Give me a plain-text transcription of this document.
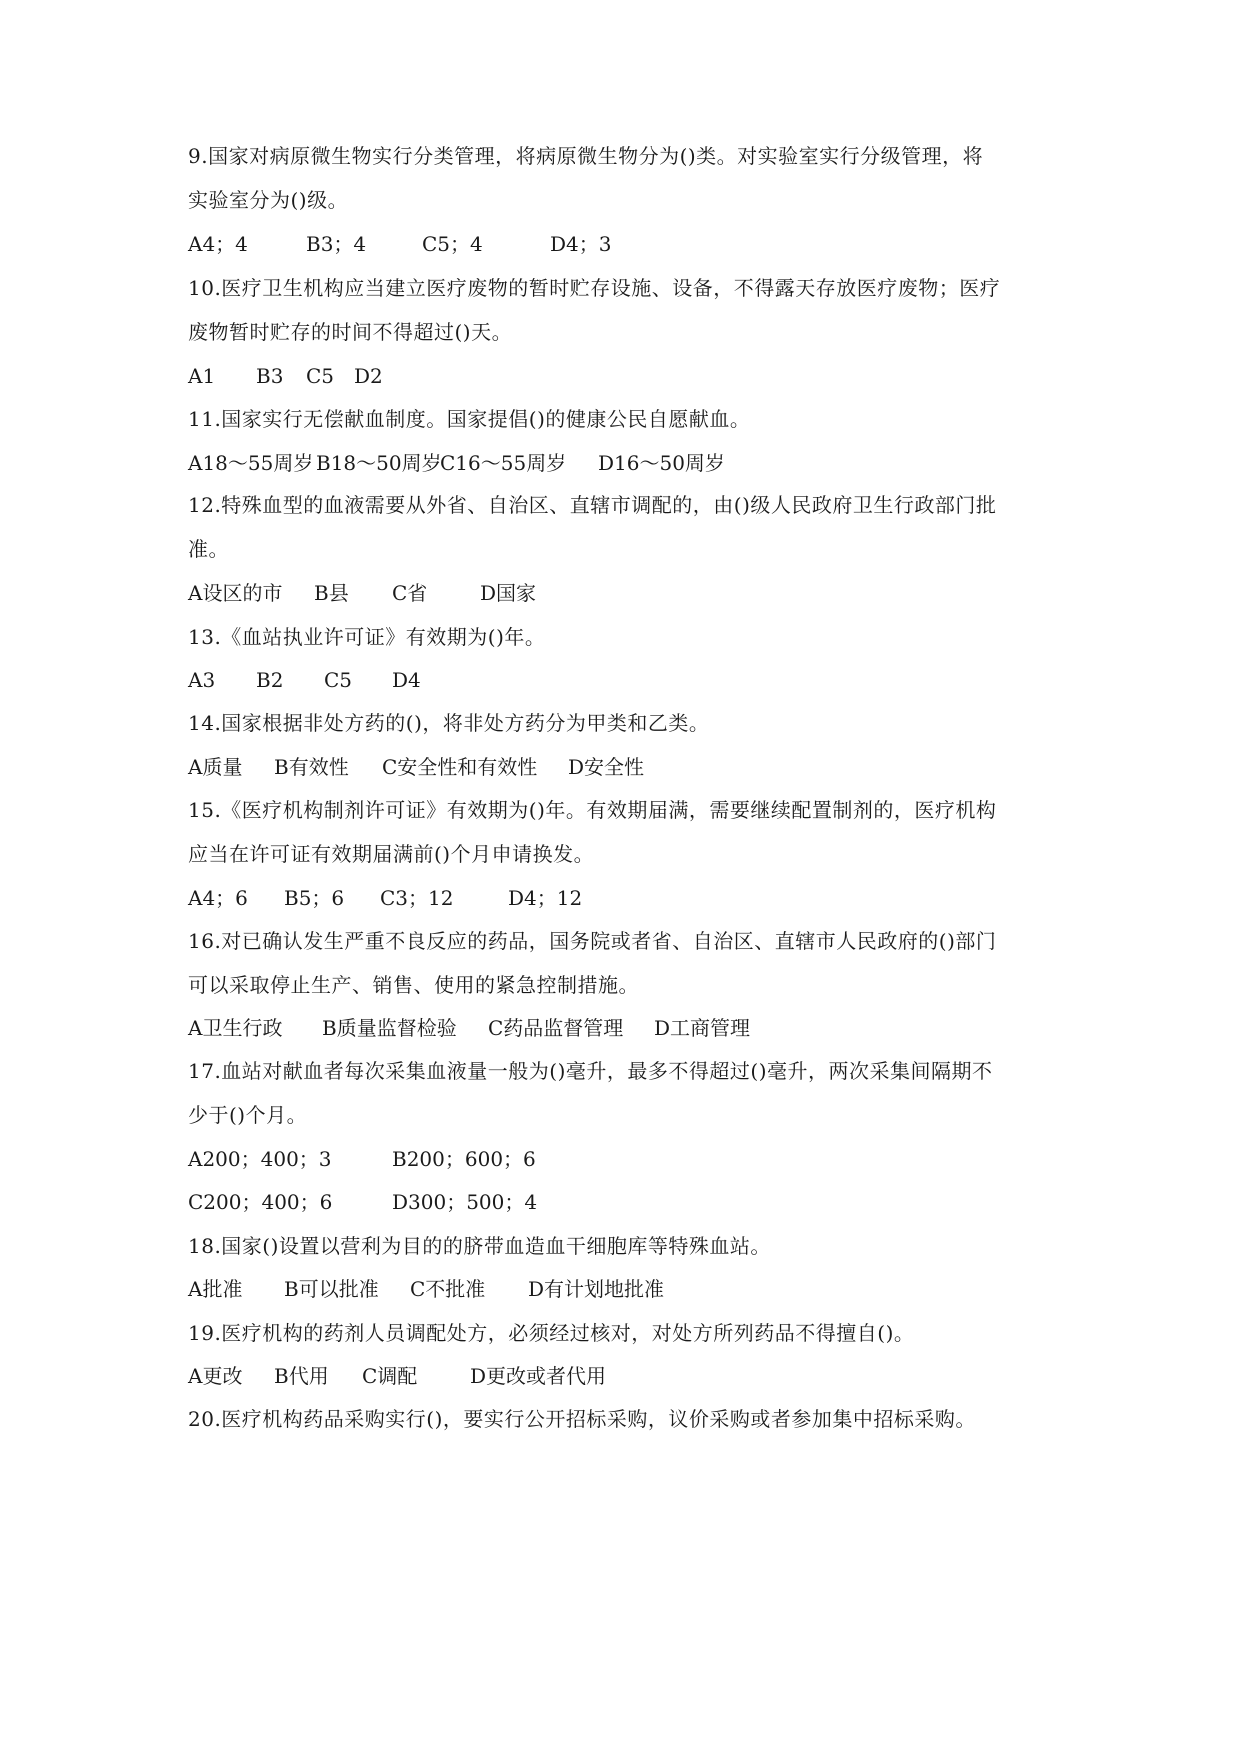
9.国家对病原微生物实行分类管理，将病原微生物分为()类。对实验室实行分级管理，将
实验室分为()级。
A4；4	B3；4	C5；4	D4；3
10.医疗卫生机构应当建立医疗废物的暂时贮存设施、设备，不得露天存放医疗废物；医疗
废物暂时贮存的时间不得超过()天。
A1 B3 C5 D2
11.国家实行无偿献血制度。国家提倡()的健康公民自愿献血。
A18～55周岁 B18～50周岁
C16～55周岁 D16～50周岁
12.特殊血型的血液需要从外省、自治区、直辖市调配的，由()级人民政府卫生行政部门批
准。
A设区的市 B县 C省	D国家
13.《血站执业许可证》有效期为()年。
A3 B2 C5 D4
14.国家根据非处方药的()，将非处方药分为甲类和乙类。
A质量 B有效性 C安全性和有效性 D安全性
15.《医疗机构制剂许可证》有效期为()年。有效期届满，需要继续配置制剂的，医疗机构
应当在许可证有效期届满前()个月申请换发。
A4；6 B5；6 C3；12	D4；12
16.对已确认发生严重不良反应的药品，国务院或者省、自治区、直辖市人民政府的()部门
可以采取停止生产、销售、使用的紧急控制措施。
A卫生行政 B质量监督检验 C药品监督管理 D工商管理
17.血站对献血者每次采集血液量一般为()毫升，最多不得超过()毫升，两次采集间隔期不
少于()个月。
A200；400；3	B200；600；6
C200；400；6	D300；500；4
18.国家()设置以营利为目的的脐带血造血干细胞库等特殊血站。
A批准 B可以批准 C不批准 D有计划地批准
19.医疗机构的药剂人员调配处方，必须经过核对，对处方所列药品不得擅自()。
A更改 B代用 C调配	D更改或者代用
20.医疗机构药品采购实行()，要实行公开招标采购，议价采购或者参加集中招标采购。
